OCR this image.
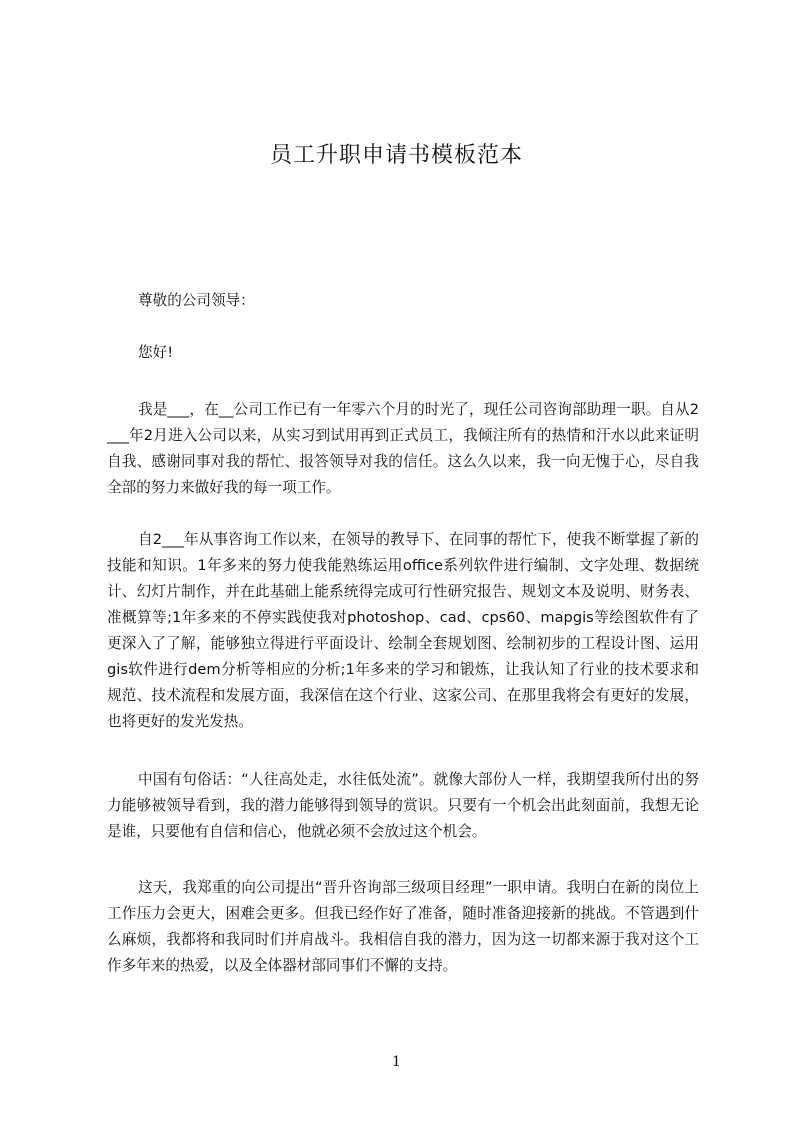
员工升职申请书模板范本

尊敬的公司领导：

您好!

我是___，在__公司工作已有一年零六个月的时光了，现任公司咨询部助理一职。自从2___年2月进入公司以来，从实习到试用再到正式员工，我倾注所有的热情和汗水以此来证明自我、感谢同事对我的帮忙、报答领导对我的信任。这么久以来，我一向无愧于心，尽自我全部的努力来做好我的每一项工作。

自2___年从事咨询工作以来，在领导的教导下、在同事的帮忙下，使我不断掌握了新的技能和知识。1年多来的努力使我能熟练运用office系列软件进行编制、文字处理、数据统计、幻灯片制作，并在此基础上能系统得完成可行性研究报告、规划文本及说明、财务表、准概算等;1年多来的不停实践使我对photoshop、cad、cps60、mapgis等绘图软件有了更深入了了解，能够独立得进行平面设计、绘制全套规划图、绘制初步的工程设计图、运用gis软件进行dem分析等相应的分析;1年多来的学习和锻炼，让我认知了行业的技术要求和规范、技术流程和发展方面，我深信在这个行业、这家公司、在那里我将会有更好的发展，也将更好的发光发热。

中国有句俗话：“人往高处走，水往低处流”。就像大部份人一样，我期望我所付出的努力能够被领导看到，我的潜力能够得到领导的赏识。只要有一个机会出此刻面前，我想无论是谁，只要他有自信和信心，他就必须不会放过这个机会。

这天，我郑重的向公司提出“晋升咨询部三级项目经理”一职申请。我明白在新的岗位上工作压力会更大，困难会更多。但我已经作好了准备，随时准备迎接新的挑战。不管遇到什么麻烦，我都将和我同时们并肩战斗。我相信自我的潜力，因为这一切都来源于我对这个工作多年来的热爱，以及全体器材部同事们不懈的支持。

1
